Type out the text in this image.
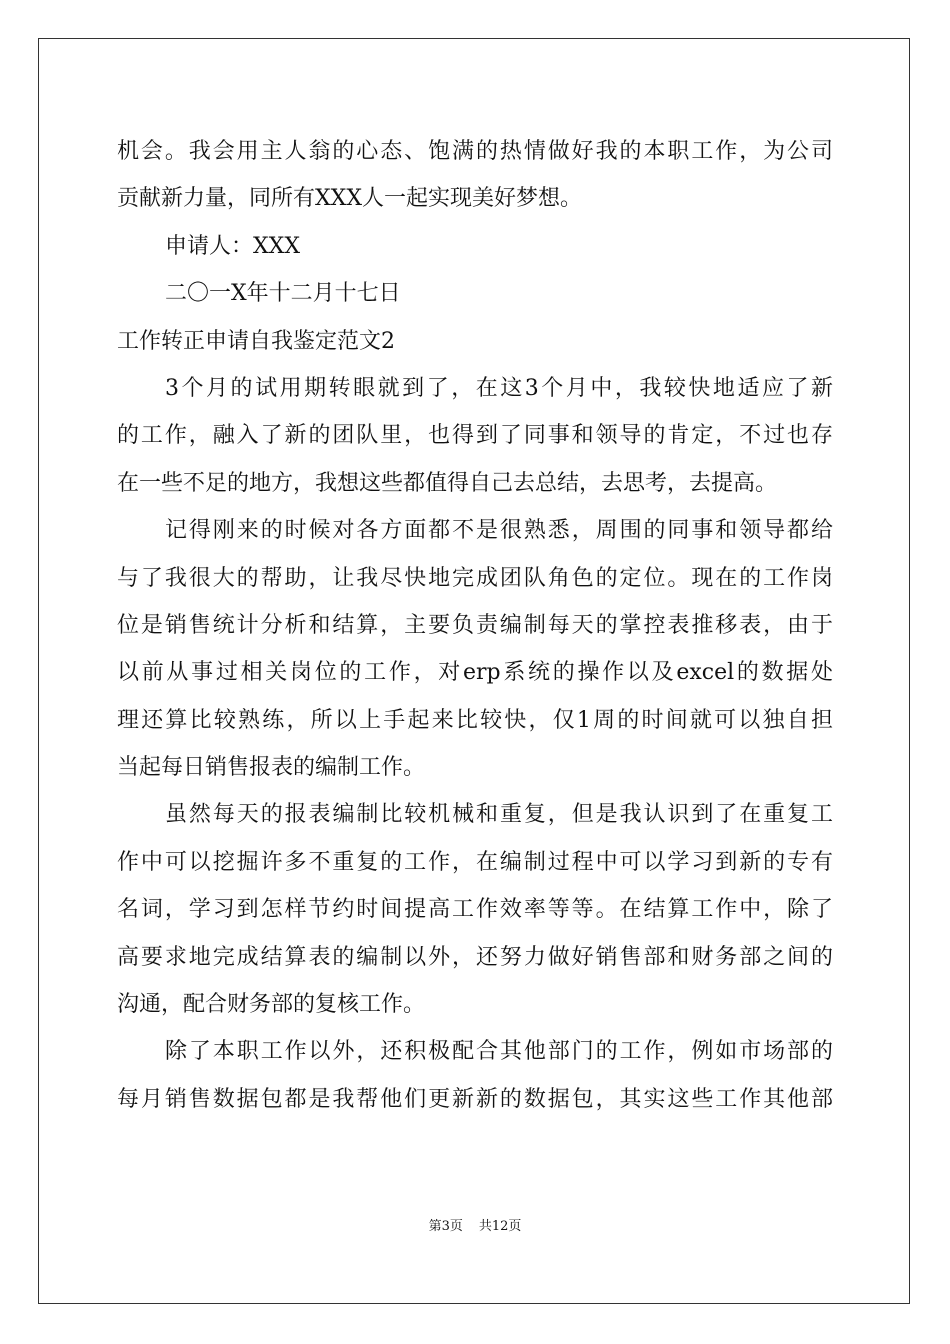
机会。我会用主人翁的心态、饱满的热情做好我的本职工作，为公司
贡献新力量，同所有XXX人一起实现美好梦想。
申请人：XXX
二〇一X年十二月十七日
工作转正申请自我鉴定范文2
3个月的试用期转眼就到了，在这3个月中，我较快地适应了新
的工作，融入了新的团队里，也得到了同事和领导的肯定，不过也存
在一些不足的地方，我想这些都值得自己去总结，去思考，去提高。
记得刚来的时候对各方面都不是很熟悉，周围的同事和领导都给
与了我很大的帮助，让我尽快地完成团队角色的定位。现在的工作岗
位是销售统计分析和结算，主要负责编制每天的掌控表推移表，由于
以前从事过相关岗位的工作，对erp系统的操作以及excel的数据处
理还算比较熟练，所以上手起来比较快，仅1周的时间就可以独自担
当起每日销售报表的编制工作。
虽然每天的报表编制比较机械和重复，但是我认识到了在重复工
作中可以挖掘许多不重复的工作，在编制过程中可以学习到新的专有
名词，学习到怎样节约时间提高工作效率等等。在结算工作中，除了
高要求地完成结算表的编制以外，还努力做好销售部和财务部之间的
沟通，配合财务部的复核工作。
除了本职工作以外，还积极配合其他部门的工作，例如市场部的
每月销售数据包都是我帮他们更新新的数据包，其实这些工作其他部
第3页 共12页
